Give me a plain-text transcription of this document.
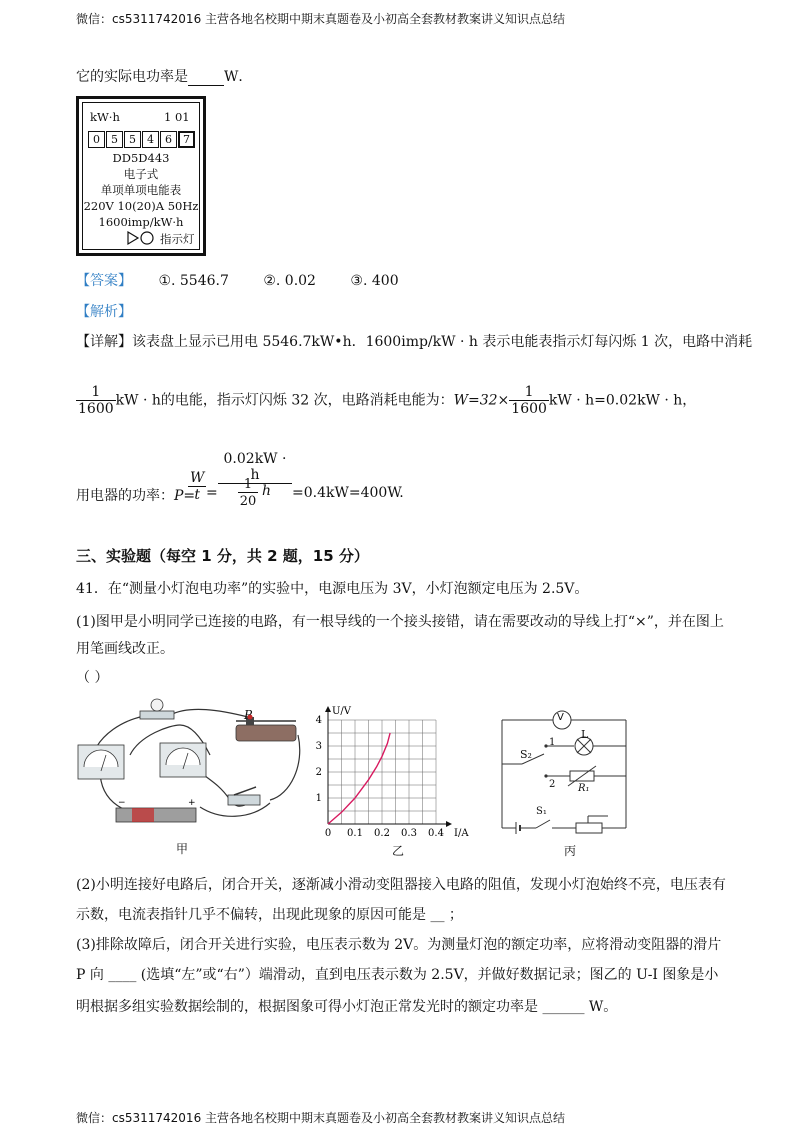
微信：cs5311742016 主营各地名校期中期末真题卷及小初高全套教材教案讲义知识点总结
它的实际电功率是	W．
kW·h	1 01
0	5	5	4	6	7
DD5D443
电子式
单项单项电能表
220V 10(20)A 50Hz
1600imp/kW·h
指示灯
【答案】 ①. 5546.7 ②. 0.02 ③. 400
【解析】
【详解】该表盘上显示已用电 5546.7kW•h．1600imp/kW · h 表示电能表指示灯每闪烁 1 次，电路中消耗
$\frac{1}{1600}$ kW · h的电能，指示灯闪烁 32 次，电路消耗电能为：$W=32\times \frac{1}{1600}$ kW · h=0.02kW · h，
用电器的功率：P=
$\frac{W}{t}$ =
0.02kW · h
1
20
h =0.4kW=400W.
三、实验题（每空 1 分，共 2 题，15 分）
41．在“测量小灯泡电功率”的实验中，电源电压为 3V，小灯泡额定电压为 2.5V。
(1)图甲是小明同学已连接的电路，有一根导线的一个接头接错，请在需要改动的导线上打“×”，并在图上
用笔画线改正。
（ ）
−	+
P
甲
1
2
3
4
0 0.1 0.2 0.3 0.4
U/V
I/A
乙
V
L
S₂
1
2 R₁
S₁
丙
(2)小明连接好电路后，闭合开关，逐渐减小滑动变阻器接入电路的阻值，发现小灯泡始终不亮，电压表有
示数，电流表指针几乎不偏转，出现此现象的原因可能是 __ ；
(3)排除故障后，闭合开关进行实验，电压表示数为 2V。为测量灯泡的额定功率，应将滑动变阻器的滑片
P 向 ____ (选填“左”或“右”）端滑动，直到电压表示数为 2.5V，并做好数据记录；图乙的 U-I 图象是小
明根据多组实验数据绘制的，根据图象可得小灯泡正常发光时的额定功率是 ______ W。
微信：cs5311742016 主营各地名校期中期末真题卷及小初高全套教材教案讲义知识点总结
